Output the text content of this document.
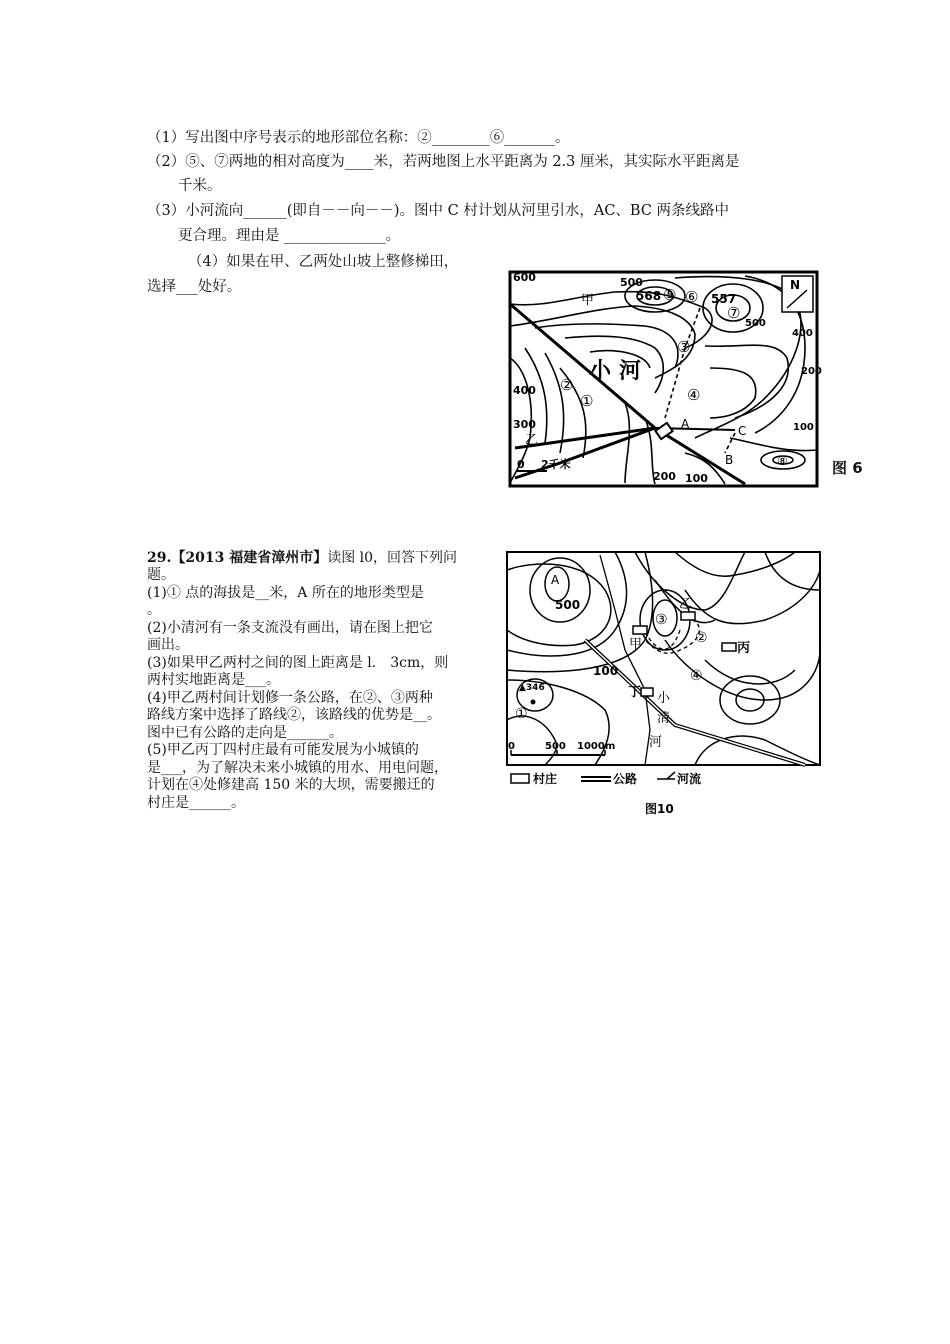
（1）写出图中序号表示的地形部位名称：②________⑥_______。
（2）⑤、⑦两地的相对高度为____米，若两地图上水平距离为 2.3 厘米，其实际水平距离是
千米。
（3）小河流向______(即自－－向－－)。图中 C 村计划从河里引水，AC、BC 两条线路中
更合理。理由是 ______________。
（4）如果在甲、乙两处山坡上整修梯田，
选择___处好。
600	500
568	557
500
400
400
300
200
200
100
100
甲
乙
小河
②
①
③
④
⑤ ⑥
⑦
⑧
A
B
C
N
0 2千米	图 6
29.【2013 福建省漳州市】读图 l0，回答下列问
题。
(1)① 点的海拔是__米，A 所在的地形类型是
。
(2)小清河有一条支流没有画出，请在图上把它
画出。
(3)如果甲乙两村之间的图上距离是 l.　3cm，则
两村实地距离是___。
(4)甲乙两村间计划修一条公路，在②、③两种
路线方案中选择了路线②，该路线的优势是__。
图中已有公路的走向是______。
(5)甲乙丙丁四村庄最有可能发展为小城镇的
是___，为了解决未来小城镇的用水、用电问题，
计划在④处修建高 150 米的大坝，需要搬迁的
村庄是______。
A
500
100
▲346
甲
乙
丙
丁 小
清
河
①
②
③
④
0	500 1000m
村庄	公路	河流
图10
